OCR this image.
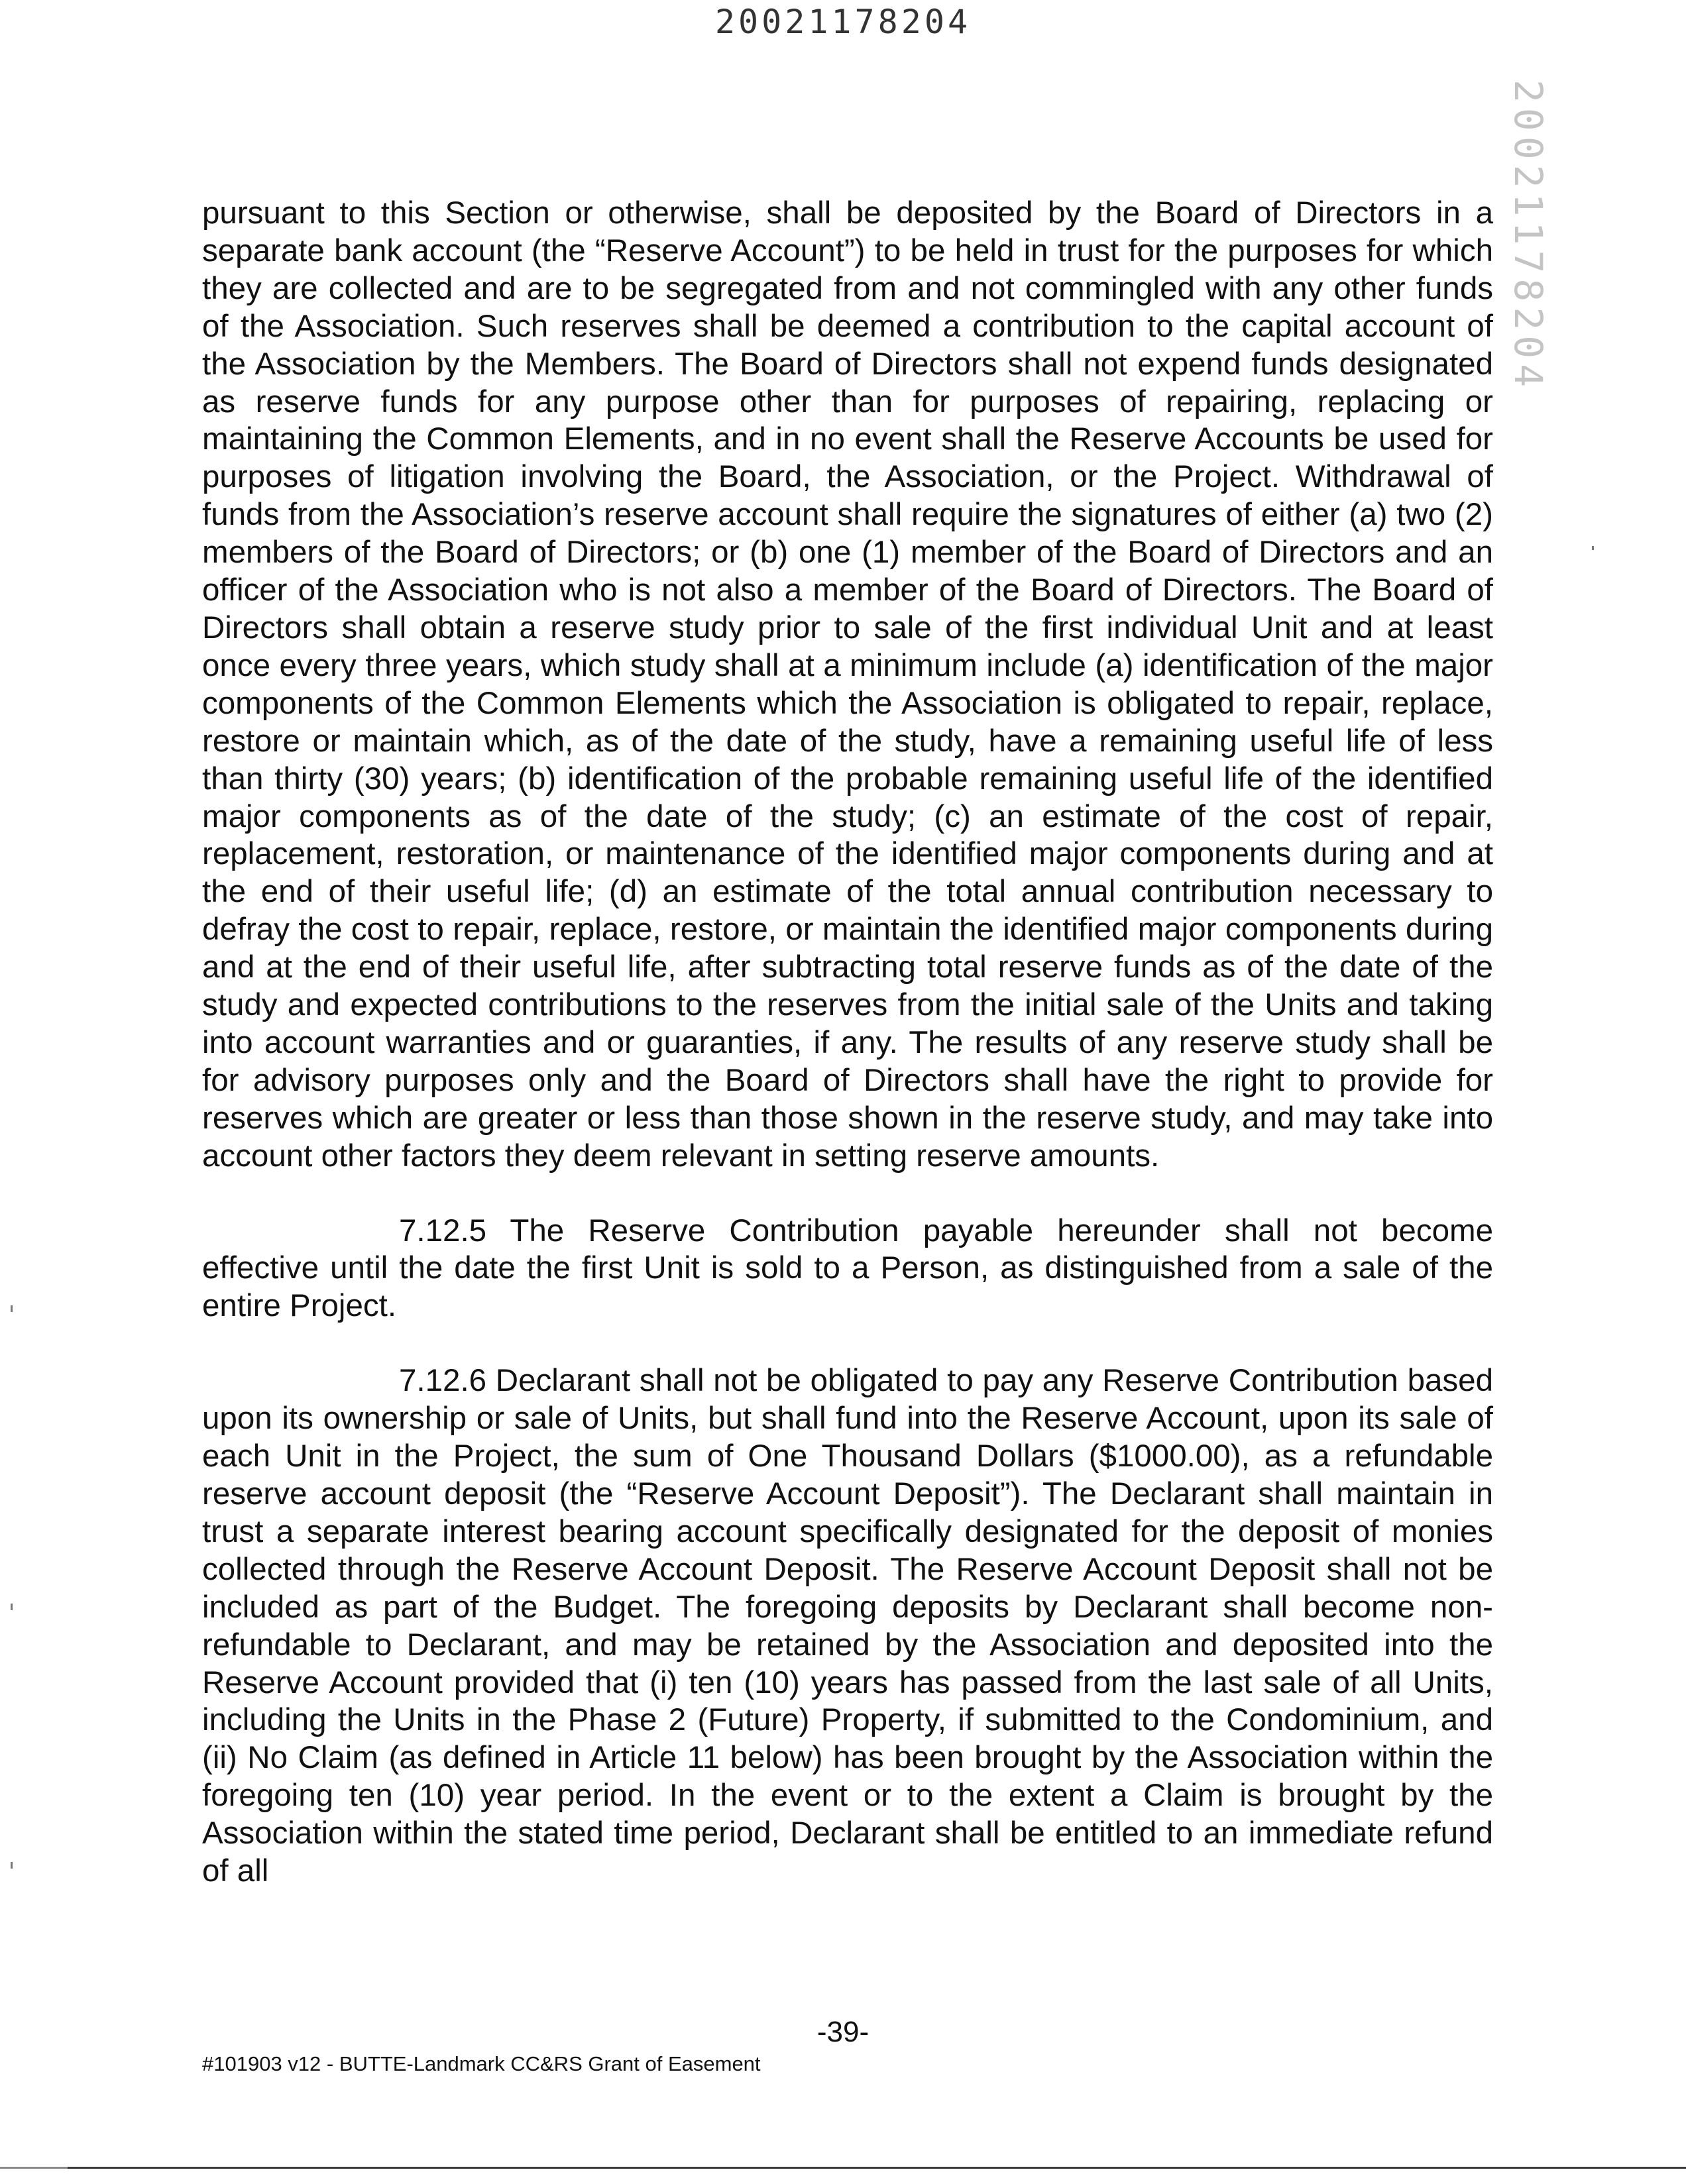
20021178204
20021178204

pursuant to this Section or otherwise, shall be deposited by the Board of Directors in a separate bank account (the “Reserve Account”) to be held in trust for the purposes for which they are collected and are to be segregated from and not commingled with any other funds of the Association. Such reserves shall be deemed a contribution to the capital account of the Association by the Members. The Board of Directors shall not expend funds designated as reserve funds for any purpose other than for purposes of repairing, replacing or maintaining the Common Elements, and in no event shall the Reserve Accounts be used for purposes of litigation involving the Board, the Association, or the Project. Withdrawal of funds from the Association’s reserve account shall require the signatures of either (a) two (2) members of the Board of Directors; or (b) one (1) member of the Board of Directors and an officer of the Association who is not also a member of the Board of Directors. The Board of Directors shall obtain a reserve study prior to sale of the first individual Unit and at least once every three years, which study shall at a minimum include (a) identification of the major components of the Common Elements which the Association is obligated to repair, replace, restore or maintain which, as of the date of the study, have a remaining useful life of less than thirty (30) years; (b) identification of the probable remaining useful life of the identified major components as of the date of the study; (c) an estimate of the cost of repair, replacement, restoration, or maintenance of the identified major components during and at the end of their useful life; (d) an estimate of the total annual contribution necessary to defray the cost to repair, replace, restore, or maintain the identified major components during and at the end of their useful life, after subtracting total reserve funds as of the date of the study and expected contributions to the reserves from the initial sale of the Units and taking into account warranties and or guaranties, if any. The results of any reserve study shall be for advisory purposes only and the Board of Directors shall have the right to provide for reserves which are greater or less than those shown in the reserve study, and may take into account other factors they deem relevant in setting reserve amounts.

7.12.5 The Reserve Contribution payable hereunder shall not become effective until the date the first Unit is sold to a Person, as distinguished from a sale of the entire Project.

7.12.6 Declarant shall not be obligated to pay any Reserve Contribution based upon its ownership or sale of Units, but shall fund into the Reserve Account, upon its sale of each Unit in the Project, the sum of One Thousand Dollars ($1000.00), as a refundable reserve account deposit (the “Reserve Account Deposit”). The Declarant shall maintain in trust a separate interest bearing account specifically designated for the deposit of monies collected through the Reserve Account Deposit. The Reserve Account Deposit shall not be included as part of the Budget. The foregoing deposits by Declarant shall become non-refundable to Declarant, and may be retained by the Association and deposited into the Reserve Account provided that (i) ten (10) years has passed from the last sale of all Units, including the Units in the Phase 2 (Future) Property, if submitted to the Condominium, and (ii) No Claim (as defined in Article 11 below) has been brought by the Association within the foregoing ten (10) year period. In the event or to the extent a Claim is brought by the Association within the stated time period, Declarant shall be entitled to an immediate refund of all

-39-
#101903 v12 - BUTTE-Landmark CC&RS Grant of Easement
